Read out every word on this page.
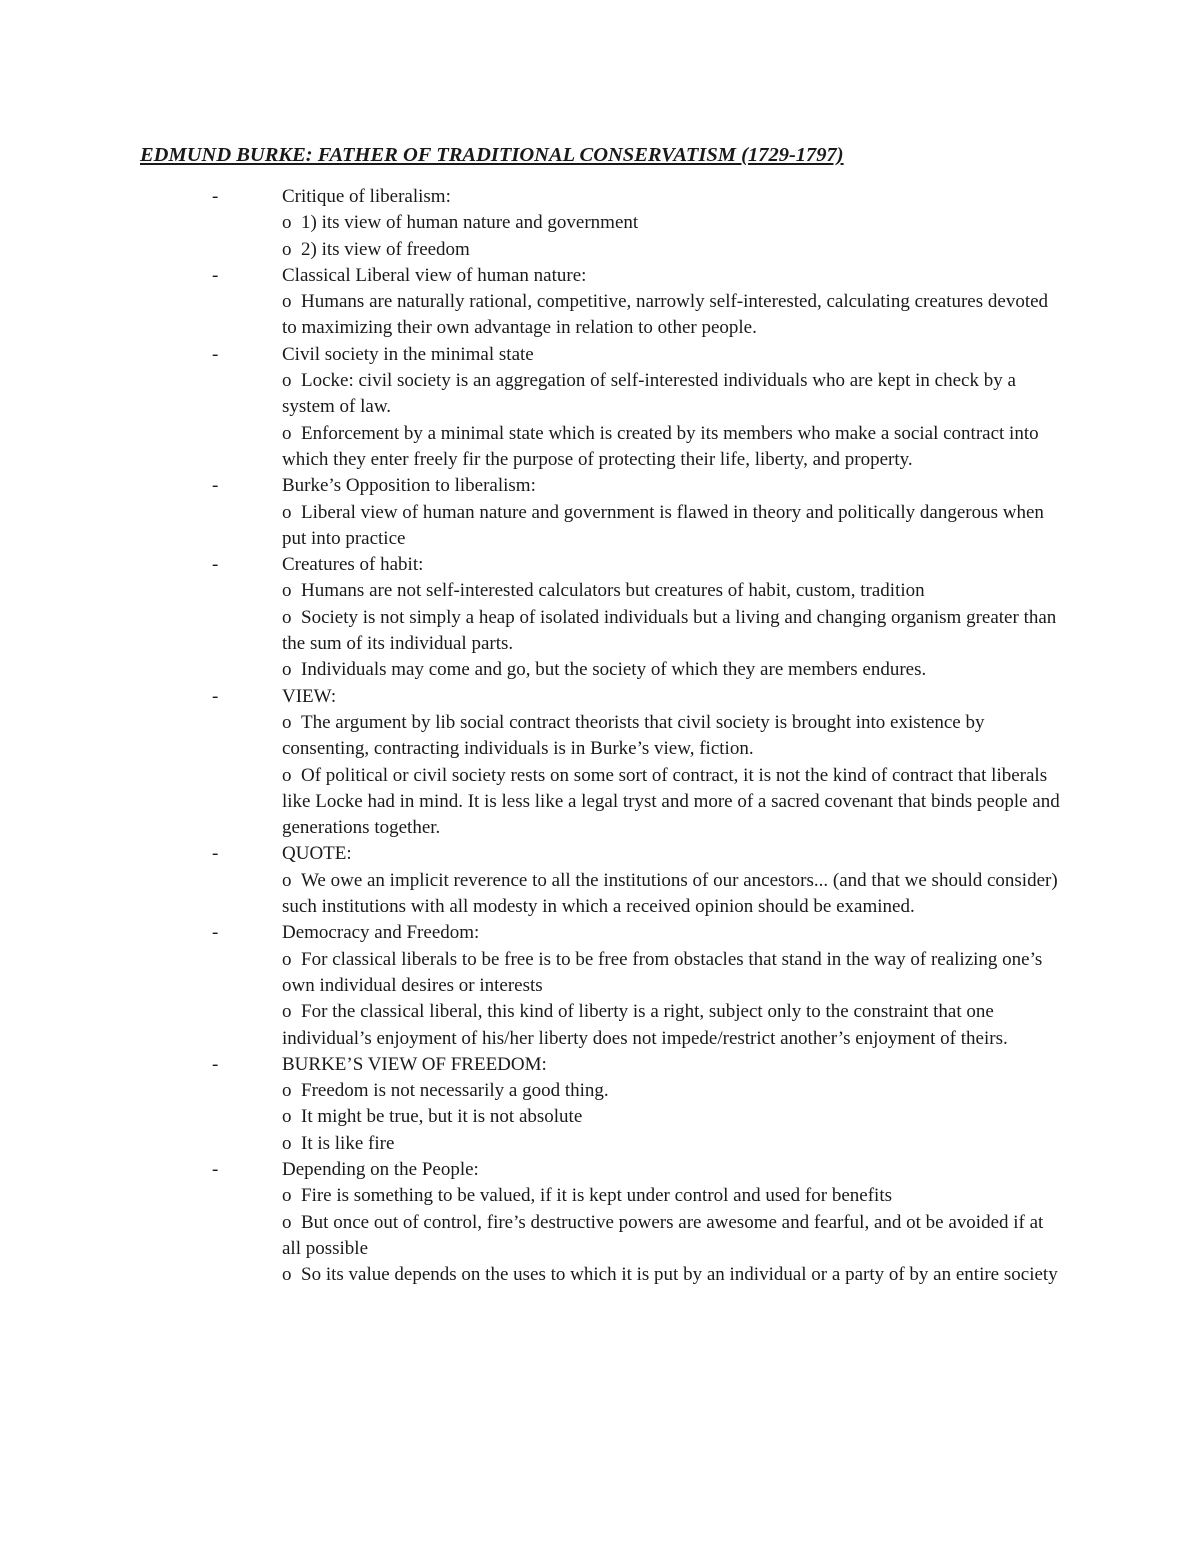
EDMUND BURKE: FATHER OF TRADITIONAL CONSERVATISM (1729-1797)
-	Critique of liberalism:
o 1) its view of human nature and government
o 2) its view of freedom
-	Classical Liberal view of human nature:
o Humans are naturally rational, competitive, narrowly self-interested, calculating creatures devoted to maximizing their own advantage in relation to other people.
-	Civil society in the minimal state
o Locke: civil society is an aggregation of self-interested individuals who are kept in check by a system of law.
o Enforcement by a minimal state which is created by its members who make a social contract into which they enter freely fir the purpose of protecting their life, liberty, and property.
-	Burke’s Opposition to liberalism:
o Liberal view of human nature and government is flawed in theory and politically dangerous when put into practice
-	Creatures of habit:
o Humans are not self-interested calculators but creatures of habit, custom, tradition
o Society is not simply a heap of isolated individuals but a living and changing organism greater than the sum of its individual parts.
o Individuals may come and go, but the society of which they are members endures.
-	VIEW:
o The argument by lib social contract theorists that civil society is brought into existence by consenting, contracting individuals is in Burke’s view, fiction.
o Of political or civil society rests on some sort of contract, it is not the kind of contract that liberals like Locke had in mind. It is less like a legal tryst and more of a sacred covenant that binds people and generations together.
-	QUOTE:
o We owe an implicit reverence to all the institutions of our ancestors... (and that we should consider) such institutions with all modesty in which a received opinion should be examined.
-	Democracy and Freedom:
o For classical liberals to be free is to be free from obstacles that stand in the way of realizing one’s own individual desires or interests
o For the classical liberal, this kind of liberty is a right, subject only to the constraint that one individual’s enjoyment of his/her liberty does not impede/restrict another’s enjoyment of theirs.
-	BURKE’S VIEW OF FREEDOM:
o Freedom is not necessarily a good thing.
o It might be true, but it is not absolute
o It is like fire
-	Depending on the People:
o Fire is something to be valued, if it is kept under control and used for benefits
o But once out of control, fire’s destructive powers are awesome and fearful, and ot be avoided if at all possible
o So its value depends on the uses to which it is put by an individual or a party of by an entire society
